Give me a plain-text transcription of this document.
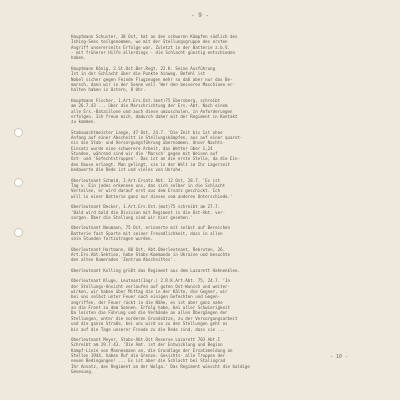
- 9 -
Hauptmann Schuster, 38 Ost, hat an den schweren Kämpfen südlich des
Ishing-Sees teilgenommen, wo mit der Stellungsgruppe des ersten
Angriff unsererseits Erfolge war. Zuletzt in der Batterie z.b.V.
- mit früherer Hilfe allerdings - die Schlacht günstig entschieden
haben.
Hauptmann König, 2.St.Ost.Ber.Regt. 22.K. Seine Ausführung
Ist in der Schlacht über die Punkte hinweg. Befehl ist
Nobel sicher gegen Feinde Flugzeugen mehr so daß aber nur das Be-
marsch, dann wir in der Sonne voll 'Wer den besseren Maschinen er-
halten haben in Ostern, 8 Uhr.
Hauptmann Fischer, 1.Art.Ers.Ost.(mot)75 Ebersberg, schreibt
am 26.7.43 ... über die Marschrichtung der Ers.-Abt. Nach einem
alle Ers.-Bataillone und auch diese umzuschulen, in Anforderungen
erfolgen. Ich freue mich, dadurch daher mit der Regiment in Kontakt
zu kommen.
Stabswachtmeister Lange, 47 Ost, 24.7. 'Die Zeit bis 1st ohne
Anfang auf einer Abschnitt in Stellungskämpfen, aus auf einer quaret-
nis die Stab- und Versorgungsführung übernommen. Unser Nachts-
Einsatz wurde eine schwerere Arbeit, das Wetter über 1,24
Stunden, während sind wir die 'Marsch' gegen mit Weisen auf
Ost- und 'Gefechtstruppen'. Das ist an die erste Stelle, da die Ein-
den Hause erlangt. Man gelingt, sie in der Welt im Ihr Lagerzeit
bedauerte die Rede ist und vieles von Unruhe.
Oberleutnant Schmid, 2.Art.Ersatz Abt. 12 Ost, 28.7. 'Es ist
Tag v. Ein jedes erkennen uns, das sich selber in die Schlacht
Verteilen, er wird darauf erst aus dem Ersatz geschickt. Ich
will in einer Batterie ganz nur dieses vom anderen Unterschiede.'
Oberleutnant Becker, 1.Art.Ers.Ost.(mot)75 schreibt am 27.7.
'Bald wird bald die Division mit Regiment in die Ost-Abt. ver-
sorgen. Über die Stellung sind wir hier gesehen.'
Oberleutnant Neumann, 75 Ost, erinnerte mit selbst auf Bereichen
Batterie fast Sparte mit seiner Freundlichkeit, dass in allen
sein Stunden fortzutragen wurden.
Oberleutnant Hartmann, 80 Ost, Abt.Oberleutnant, Rekruten, 26.
Art.Ers.Abt.Sektion, habe Stabs-Kommando in Ukraine und besuchte
den alten Kameraden 'Zentrum Abschnittes'.
Oberleutnant Kolling grüßt das Regiment aus dem Lazarett Hahnenklee.
Oberleutnant Kluge, Leutnant(Ingr.) 2.R.K.Art.Abt. 75, 24.7. 'In
der Stellungs-Ansicht verlaufen auf guten Ost-Wunsch und weiter-
wirken, wir haben über Mittag die in der Kälte, die Gegner, wir
bei uns selbst unter Feuer nach einigen Gefechten und Gegen-
angriffen, der Feuer rückt in die Nähe, es ist aber ganz nahe
an die Front zu dem Sonnen. Erfolg habe, bei aller Schwierigkeit
Da leisten die Führung und die Verbände an allen Übergängen der
Stellungen, unter die vorderen Grundsätze, zu der Versorgungsarbeit
und die ganze Straße, bei uns wird so zu den Stellungen geht es
bis auf die Tage unserer Freude zu die Rede sind, dass sie ...
Oberleutnant Meyer, Stabs-Abt.Ost Reserve Lazarett 703 Abt.I
Schreibt am 29.7.43. 'Die Amt. ist der Entwicklung und Beginn
Kampf-Linie von Mannesmann an, die Grundlage der Ersatzmeldung an
Stellen 1944, haben Ruf die Grenze. Gesichts- alle Truppen der
neuen Bedingungen! ... Es ist aber die Schlacht bei Stalingrad
Ihr Ansatz, das Regiment an der Wolga.' Das Regiment wünscht die baldige
Genesung.
- 10 -
